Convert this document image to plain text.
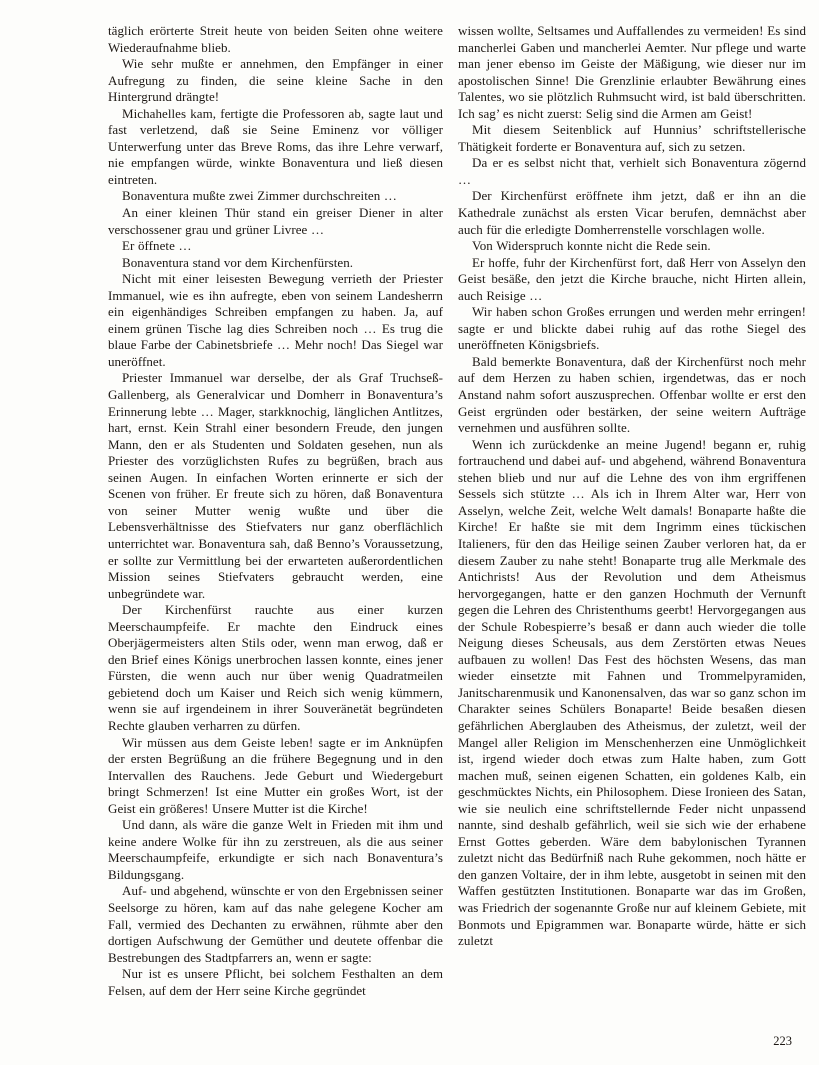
täglich erörterte Streit heute von beiden Seiten ohne weitere Wiederaufnahme blieb.

Wie sehr mußte er annehmen, den Empfänger in einer Aufregung zu finden, die seine kleine Sache in den Hintergrund drängte!

Michahelles kam, fertigte die Professoren ab, sagte laut und fast verletzend, daß sie Seine Eminenz vor völliger Unterwerfung unter das Breve Roms, das ihre Lehre verwarf, nie empfangen würde, winkte Bonaventura und ließ diesen eintreten.

Bonaventura mußte zwei Zimmer durchschreiten …

An einer kleinen Thür stand ein greiser Diener in alter verschossener grau und grüner Livree …

Er öffnete …

Bonaventura stand vor dem Kirchenfürsten.

Nicht mit einer leisesten Bewegung verrieth der Priester Immanuel, wie es ihn aufregte, eben von seinem Landesherrn ein eigenhändiges Schreiben empfangen zu haben. Ja, auf einem grünen Tische lag dies Schreiben noch … Es trug die blaue Farbe der Cabinetsbriefe … Mehr noch! Das Siegel war uneröffnet.

Priester Immanuel war derselbe, der als Graf Truchseß-Gallenberg, als Generalvicar und Domherr in Bonaventura’s Erinnerung lebte … Mager, starkknochig, länglichen Antlitzes, hart, ernst. Kein Strahl einer besondern Freude, den jungen Mann, den er als Studenten und Soldaten gesehen, nun als Priester des vorzüglichsten Rufes zu begrüßen, brach aus seinen Augen. In einfachen Worten erinnerte er sich der Scenen von früher. Er freute sich zu hören, daß Bonaventura von seiner Mutter wenig wußte und über die Lebensverhältnisse des Stiefvaters nur ganz oberflächlich unterrichtet war. Bonaventura sah, daß Benno’s Voraussetzung, er sollte zur Vermittlung bei der erwarteten außerordentlichen Mission seines Stiefvaters gebraucht werden, eine unbegründete war.

Der Kirchenfürst rauchte aus einer kurzen Meerschaumpfeife. Er machte den Eindruck eines Oberjägermeisters alten Stils oder, wenn man erwog, daß er den Brief eines Königs unerbrochen lassen konnte, eines jener Fürsten, die wenn auch nur über wenig Quadratmeilen gebietend doch um Kaiser und Reich sich wenig kümmern, wenn sie auf irgendeinem in ihrer Souveränetät begründeten Rechte glauben verharren zu dürfen.

Wir müssen aus dem Geiste leben! sagte er im Anknüpfen der ersten Begrüßung an die frühere Begegnung und in den Intervallen des Rauchens. Jede Geburt und Wiedergeburt bringt Schmerzen! Ist eine Mutter ein großes Wort, ist der Geist ein größeres! Unsere Mutter ist die Kirche!

Und dann, als wäre die ganze Welt in Frieden mit ihm und keine andere Wolke für ihn zu zerstreuen, als die aus seiner Meerschaumpfeife, erkundigte er sich nach Bonaventura’s Bildungsgang.

Auf- und abgehend, wünschte er von den Ergebnissen seiner Seelsorge zu hören, kam auf das nahe gelegene Kocher am Fall, vermied des Dechanten zu erwähnen, rühmte aber den dortigen Aufschwung der Gemüther und deutete offenbar die Bestrebungen des Stadtpfarrers an, wenn er sagte:

Nur ist es unsere Pflicht, bei solchem Festhalten an dem Felsen, auf dem der Herr seine Kirche gegründet

wissen wollte, Seltsames und Auffallendes zu vermeiden! Es sind mancherlei Gaben und mancherlei Aemter. Nur pflege und warte man jener ebenso im Geiste der Mäßigung, wie dieser nur im apostolischen Sinne! Die Grenzlinie erlaubter Bewährung eines Talentes, wo sie plötzlich Ruhmsucht wird, ist bald überschritten. Ich sag’ es nicht zuerst: Selig sind die Armen am Geist!

Mit diesem Seitenblick auf Hunnius’ schriftstellerische Thätigkeit forderte er Bonaventura auf, sich zu setzen.

Da er es selbst nicht that, verhielt sich Bonaventura zögernd …

Der Kirchenfürst eröffnete ihm jetzt, daß er ihn an die Kathedrale zunächst als ersten Vicar berufen, demnächst aber auch für die erledigte Domherrenstelle vorschlagen wolle.

Von Widerspruch konnte nicht die Rede sein.

Er hoffe, fuhr der Kirchenfürst fort, daß Herr von Asselyn den Geist besäße, den jetzt die Kirche brauche, nicht Hirten allein, auch Reisige …

Wir haben schon Großes errungen und werden mehr erringen! sagte er und blickte dabei ruhig auf das rothe Siegel des uneröffneten Königsbriefs.

Bald bemerkte Bonaventura, daß der Kirchenfürst noch mehr auf dem Herzen zu haben schien, irgendetwas, das er noch Anstand nahm sofort auszusprechen. Offenbar wollte er erst den Geist ergründen oder bestärken, der seine weitern Aufträge vernehmen und ausführen sollte.

Wenn ich zurückdenke an meine Jugend! begann er, ruhig fortrauchend und dabei auf- und abgehend, während Bonaventura stehen blieb und nur auf die Lehne des von ihm ergriffenen Sessels sich stützte … Als ich in Ihrem Alter war, Herr von Asselyn, welche Zeit, welche Welt damals! Bonaparte haßte die Kirche! Er haßte sie mit dem Ingrimm eines tückischen Italieners, für den das Heilige seinen Zauber verloren hat, da er diesem Zauber zu nahe steht! Bonaparte trug alle Merkmale des Antichrists! Aus der Revolution und dem Atheismus hervorgegangen, hatte er den ganzen Hochmuth der Vernunft gegen die Lehren des Christenthums geerbt! Hervorgegangen aus der Schule Robespierre’s besaß er dann auch wieder die tolle Neigung dieses Scheusals, aus dem Zerstörten etwas Neues aufbauen zu wollen! Das Fest des höchsten Wesens, das man wieder einsetzte mit Fahnen und Trommelpyramiden, Janitscharenmusik und Kanonensalven, das war so ganz schon im Charakter seines Schülers Bonaparte! Beide besaßen diesen gefährlichen Aberglauben des Atheismus, der zuletzt, weil der Mangel aller Religion im Menschenherzen eine Unmöglichkeit ist, irgend wieder doch etwas zum Halte haben, zum Gott machen muß, seinen eigenen Schatten, ein goldenes Kalb, ein geschmücktes Nichts, ein Philosophem. Diese Ironieen des Satan, wie sie neulich eine schriftstellernde Feder nicht unpassend nannte, sind deshalb gefährlich, weil sie sich wie der erhabene Ernst Gottes geberden. Wäre dem babylonischen Tyrannen zuletzt nicht das Bedürfniß nach Ruhe gekommen, noch hätte er den ganzen Voltaire, der in ihm lebte, ausgetobt in seinen mit den Waffen gestützten Institutionen. Bonaparte war das im Großen, was Friedrich der sogenannte Große nur auf kleinem Gebiete, mit Bonmots und Epigrammen war. Bonaparte würde, hätte er sich zuletzt

223
